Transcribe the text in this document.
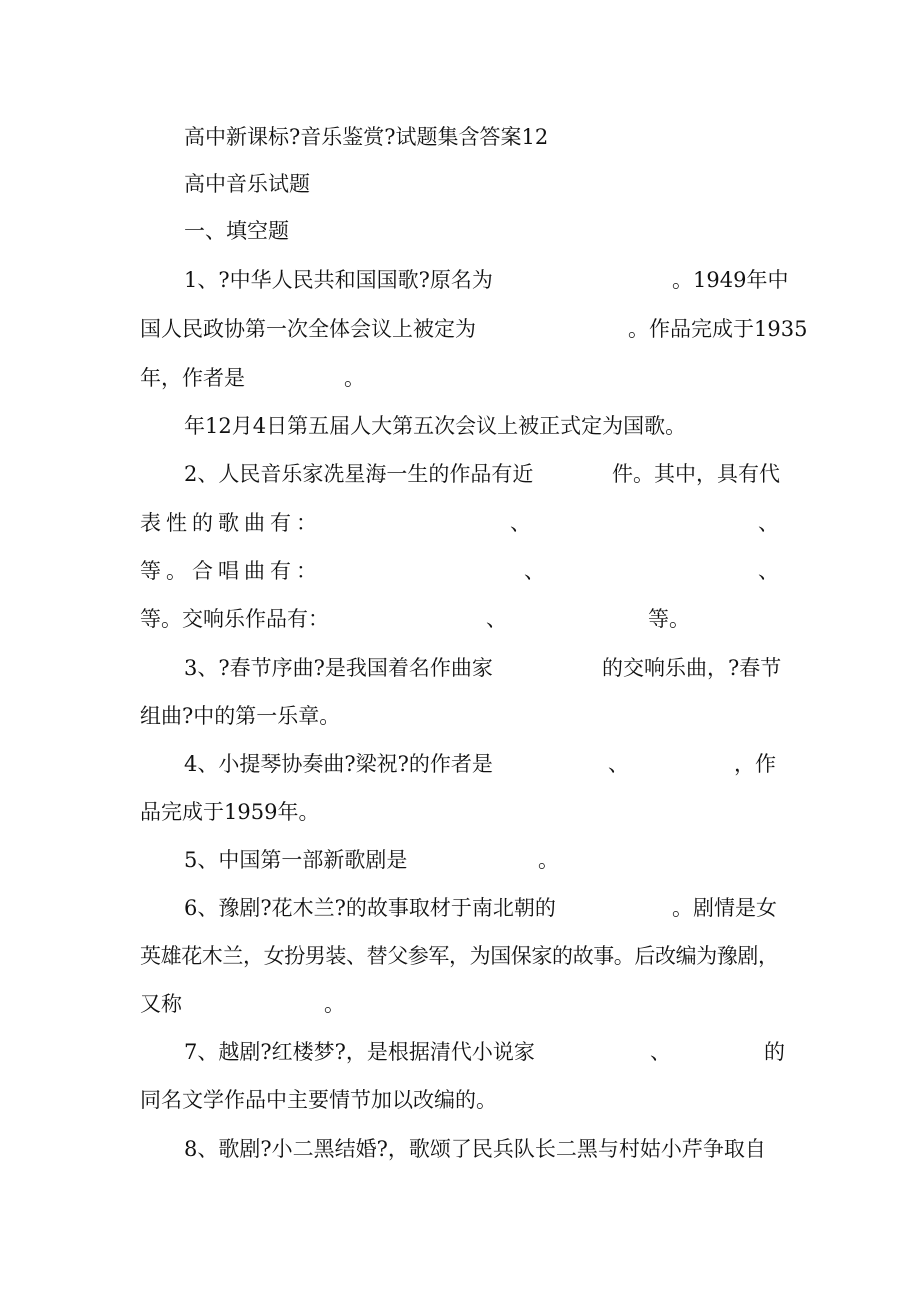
高中新课标?音乐鉴赏?试题集含答案12
高中音乐试题
一、填空题
1、?中华人民共和国国歌?原名为	。1949年中
国人民政协第一次全体会议上被定为	。作品完成于1935
年，作者是	。
年12月4日第五届人大第五次会议上被正式定为国歌。
2、人民音乐家冼星海一生的作品有近	件。其中，具有代
表性的歌曲有：	、	、
等。合唱曲有：	、	、
等。交响乐作品有：	、	等。
3、?春节序曲?是我国着名作曲家	的交响乐曲，?春节
组曲?中的第一乐章。
4、小提琴协奏曲?梁祝?的作者是	、	，作
品完成于1959年。
5、中国第一部新歌剧是	。
6、豫剧?花木兰?的故事取材于南北朝的	。剧情是女
英雄花木兰，女扮男装、替父参军，为国保家的故事。后改编为豫剧，
又称	。
7、越剧?红楼梦?，是根据清代小说家	、	的
同名文学作品中主要情节加以改编的。
8、歌剧?小二黑结婚?，歌颂了民兵队长二黑与村姑小芹争取自
